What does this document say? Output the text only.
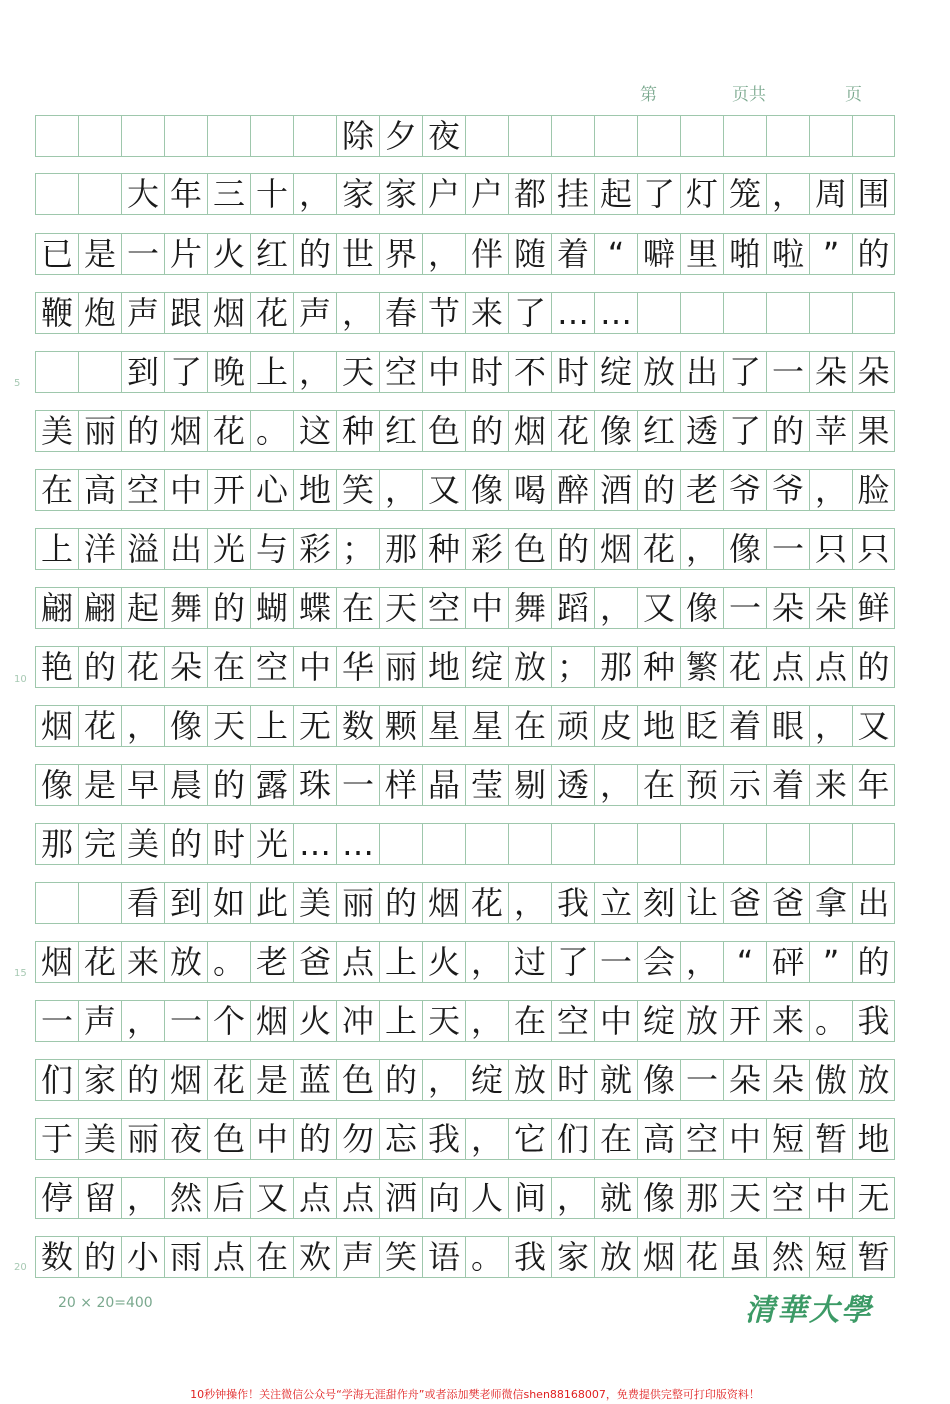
第	页共	页
除 夕 夜
大 年 三 十 ， 家 家 户 户 都 挂 起 了 灯 笼 ， 周 围
已 是 一 片 火 红 的 世 界 ， 伴 随 着 “ 噼 里 啪 啦 ” 的
鞭 炮 声 跟 烟 花 声 ， 春 节 来 了 … …
到 了 晚 上 ， 天 空 中 时 不 时 绽 放 出 了 一 朵 朵
美 丽 的 烟 花 。 这 种 红 色 的 烟 花 像 红 透 了 的 苹 果
在 高 空 中 开 心 地 笑 ， 又 像 喝 醉 酒 的 老 爷 爷 ， 脸
上 洋 溢 出 光 与 彩 ； 那 种 彩 色 的 烟 花 ， 像 一 只 只
翩 翩 起 舞 的 蝴 蝶 在 天 空 中 舞 蹈 ， 又 像 一 朵 朵 鲜
艳 的 花 朵 在 空 中 华 丽 地 绽 放 ； 那 种 繁 花 点 点 的
烟 花 ， 像 天 上 无 数 颗 星 星 在 顽 皮 地 眨 着 眼 ， 又
像 是 早 晨 的 露 珠 一 样 晶 莹 剔 透 ， 在 预 示 着 来 年
那 完 美 的 时 光 … …
看 到 如 此 美 丽 的 烟 花 ， 我 立 刻 让 爸 爸 拿 出
烟 花 来 放 。 老 爸 点 上 火 ， 过 了 一 会 ， “ 砰 ” 的
一 声 ， 一 个 烟 火 冲 上 天 ， 在 空 中 绽 放 开 来 。 我
们 家 的 烟 花 是 蓝 色 的 ， 绽 放 时 就 像 一 朵 朵 傲 放
于 美 丽 夜 色 中 的 勿 忘 我 ， 它 们 在 高 空 中 短 暂 地
停 留 ， 然 后 又 点 点 洒 向 人 间 ， 就 像 那 天 空 中 无
数 的 小 雨 点 在 欢 声 笑 语 。 我 家 放 烟 花 虽 然 短 暂
5
10
15
20
20 × 20=400	清華大學
10秒钟操作！关注微信公众号“学海无涯甜作舟”或者添加樊老师微信shen88168007，免费提供完整可打印版资料！
